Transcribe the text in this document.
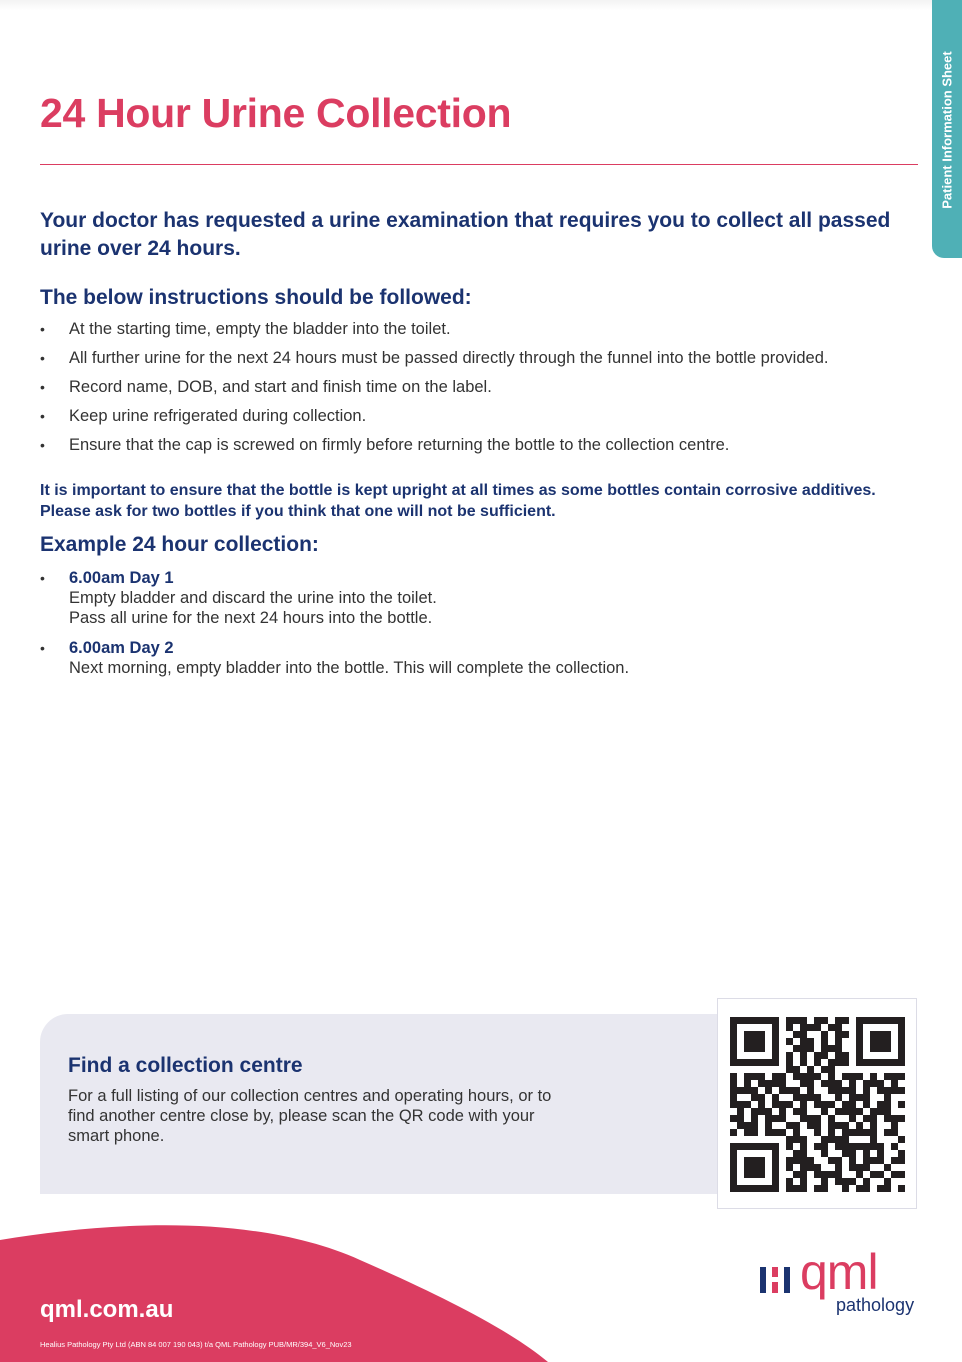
Patient Information Sheet
24 Hour Urine Collection

Your doctor has requested a urine examination that requires you to collect all passed urine over 24 hours.

The below instructions should be followed:
•	At the starting time, empty the bladder into the toilet.
•	All further urine for the next 24 hours must be passed directly through the funnel into the bottle provided.
•	Record name, DOB, and start and finish time on the label.
•	Keep urine refrigerated during collection.
•	Ensure that the cap is screwed on firmly before returning the bottle to the collection centre.

It is important to ensure that the bottle is kept upright at all times as some bottles contain corrosive additives. Please ask for two bottles if you think that one will not be sufficient.

Example 24 hour collection:
•	6.00am Day 1
Empty bladder and discard the urine into the toilet.
Pass all urine for the next 24 hours into the bottle.
•	6.00am Day 2
Next morning, empty bladder into the bottle. This will complete the collection.
Find a collection centre

For a full listing of our collection centres and operating hours, or to find another centre close by, please scan the QR code with your smart phone.

qml.com.au

Healius Pathology Pty Ltd (ABN 84 007 190 043) t/a QML Pathology PUB/MR/394_V6_Nov23

qml
pathology
